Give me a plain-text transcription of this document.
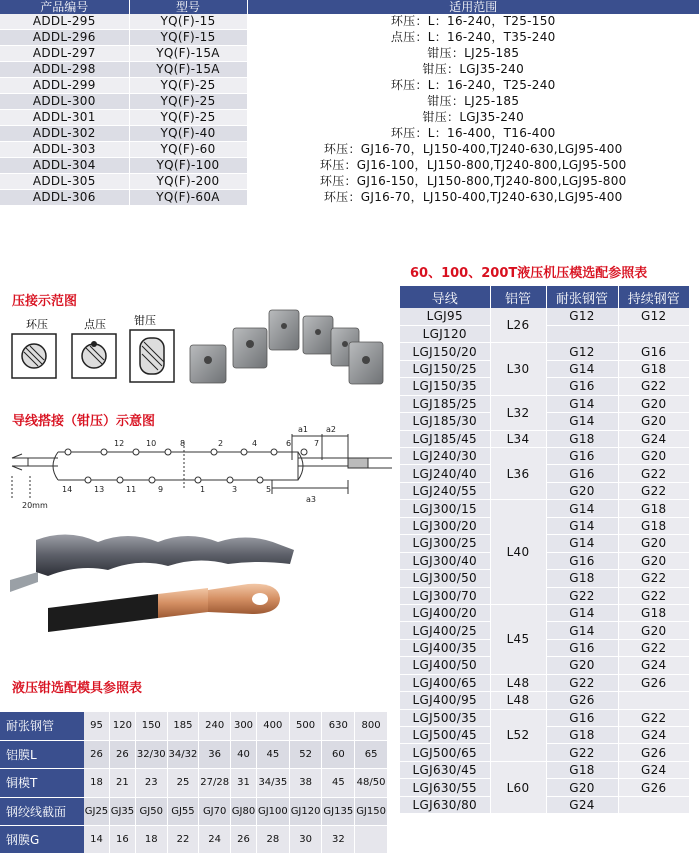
产品编号	型号	适用范围
ADDL-295	YQ(F)-15	环压：L：16-240，T25-150
ADDL-296	YQ(F)-15	点压：L：16-240，T35-240
ADDL-297	YQ(F)-15A	钳压：LJ25-185
ADDL-298	YQ(F)-15A	钳压：LGJ35-240
ADDL-299	YQ(F)-25	环压：L：16-240，T25-240
ADDL-300	YQ(F)-25	钳压：LJ25-185
ADDL-301	YQ(F)-25	钳压：LGJ35-240
ADDL-302	YQ(F)-40	环压：L：16-400，T16-400
ADDL-303	YQ(F)-60	环压：GJ16-70，LJ150-400,TJ240-630,LGJ95-400
ADDL-304	YQ(F)-100	环压：GJ16-100，LJ150-800,TJ240-800,LGJ95-500
ADDL-305	YQ(F)-200	环压：GJ16-150，LJ150-800,TJ240-800,LGJ95-800
ADDL-306	YQ(F)-60A	环压：GJ16-70，LJ150-400,TJ240-630,LGJ95-400
压接示范图
环压	点压	钳压
导线搭接（钳压）示意图
12	10	8	2	4	6	7
14	13	11	9	1	3	5
a1 a2
a3
20mm
60、100、200T液压机压模选配参照表
导线	铝管	耐张钢管	持续钢管
LGJ95	L26	G12	G12
LGJ120			
LGJ150/20	L30	G12	G16
LGJ150/25		G14	G18
LGJ150/35		G16	G22
LGJ185/25	L32	G14	G20
LGJ185/30		G14	G20
LGJ185/45	L34	G18	G24
LGJ240/30	L36	G16	G20
LGJ240/40		G16	G22
LGJ240/55		G20	G22
LGJ300/15	L40	G14	G18
LGJ300/20		G14	G18
LGJ300/25		G14	G20
LGJ300/40		G16	G20
LGJ300/50		G18	G22
LGJ300/70		G22	G22
LGJ400/20	L45	G14	G18
LGJ400/25		G14	G20
LGJ400/35		G16	G22
LGJ400/50		G20	G24
LGJ400/65	L48	G22	G26
LGJ400/95	L48	G26	
LGJ500/35	L52	G16	G22
LGJ500/45		G18	G24
LGJ500/65		G22	G26
LGJ630/45	L60	G18	G24
LGJ630/55		G20	G26
LGJ630/80		G24	
液压钳选配模具参照表
耐张钢管	95	120	150	185	240	300	400	500	630	800
铝膜L	26	26	32/30	34/32	36	40	45	52	60	65
铜模T	18	21	23	25	27/28	31	34/35	38	45	48/50
钢绞线截面	GJ25	GJ35	GJ50	GJ55	GJ70	GJ80	GJ100	GJ120	GJ135	GJ150
钢膜G	14	16	18	22	24	26	28	30	32	
